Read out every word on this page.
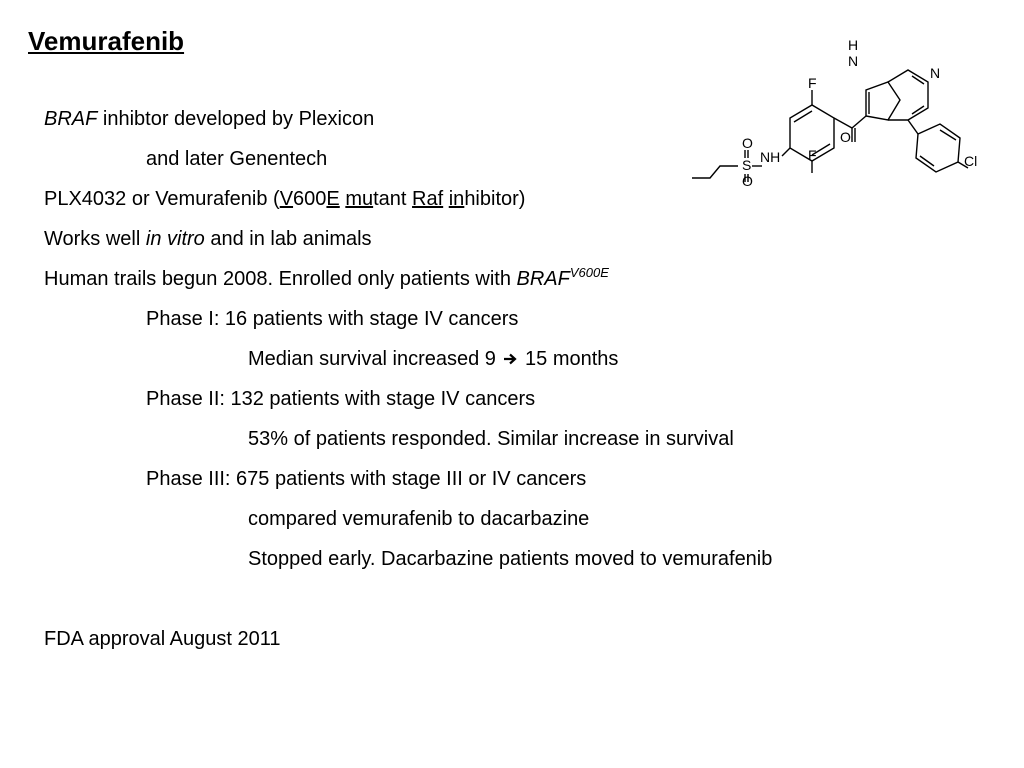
Vemurafenib
BRAF inhibtor developed by Plexicon
and later Genentech
PLX4032 or Vemurafenib (V600E mutant Raf inhibitor)
Works well in vitro and in lab animals
Human trails begun 2008. Enrolled only patients with $BRAF^{V600E}$
Phase I: 16 patients with stage IV cancers
Median survival increased 9 15 months
Phase II: 132 patients with stage IV cancers
53% of patients responded. Similar increase in survival
Phase III: 675 patients with stage III or IV cancers
compared vemurafenib to dacarbazine
Stopped early. Dacarbazine patients moved to vemurafenib
FDA approval August 2011
H
N
N
F
F
O
O
O
S NH	Cl
